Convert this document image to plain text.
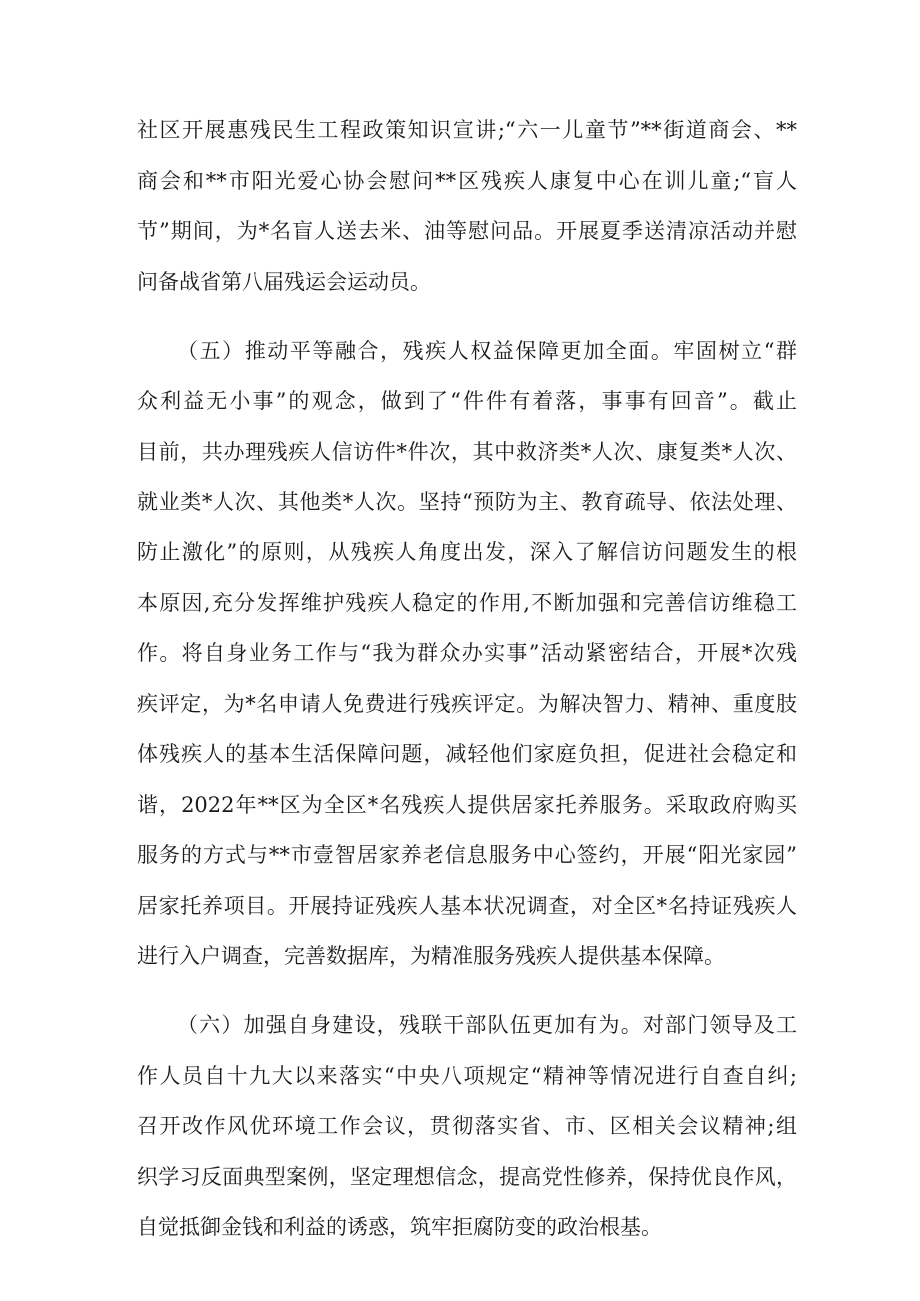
社区开展惠残民生工程政策知识宣讲;“六一儿童节”**街道商会、**
商会和**市阳光爱心协会慰问**区残疾人康复中心在训儿童;“盲人
节”期间，为*名盲人送去米、油等慰问品。开展夏季送清凉活动并慰
问备战省第八届残运会运动员。
（五）推动平等融合，残疾人权益保障更加全面。牢固树立“群
众利益无小事”的观念，做到了“件件有着落，事事有回音”。截止
目前，共办理残疾人信访件*件次，其中救济类*人次、康复类*人次、
就业类*人次、其他类*人次。坚持“预防为主、教育疏导、依法处理、
防止激化”的原则，从残疾人角度出发，深入了解信访问题发生的根
本原因,充分发挥维护残疾人稳定的作用,不断加强和完善信访维稳工
作。将自身业务工作与“我为群众办实事”活动紧密结合，开展*次残
疾评定，为*名申请人免费进行残疾评定。为解决智力、精神、重度肢
体残疾人的基本生活保障问题，减轻他们家庭负担，促进社会稳定和
谐，2022年**区为全区*名残疾人提供居家托养服务。采取政府购买
服务的方式与**市壹智居家养老信息服务中心签约，开展“阳光家园”
居家托养项目。开展持证残疾人基本状况调查，对全区*名持证残疾人
进行入户调查，完善数据库，为精准服务残疾人提供基本保障。
（六）加强自身建设，残联干部队伍更加有为。对部门领导及工
作人员自十九大以来落实“中央八项规定“精神等情况进行自查自纠;
召开改作风优环境工作会议，贯彻落实省、市、区相关会议精神;组
织学习反面典型案例，坚定理想信念，提高党性修养，保持优良作风，
自觉抵御金钱和利益的诱惑，筑牢拒腐防变的政治根基。
